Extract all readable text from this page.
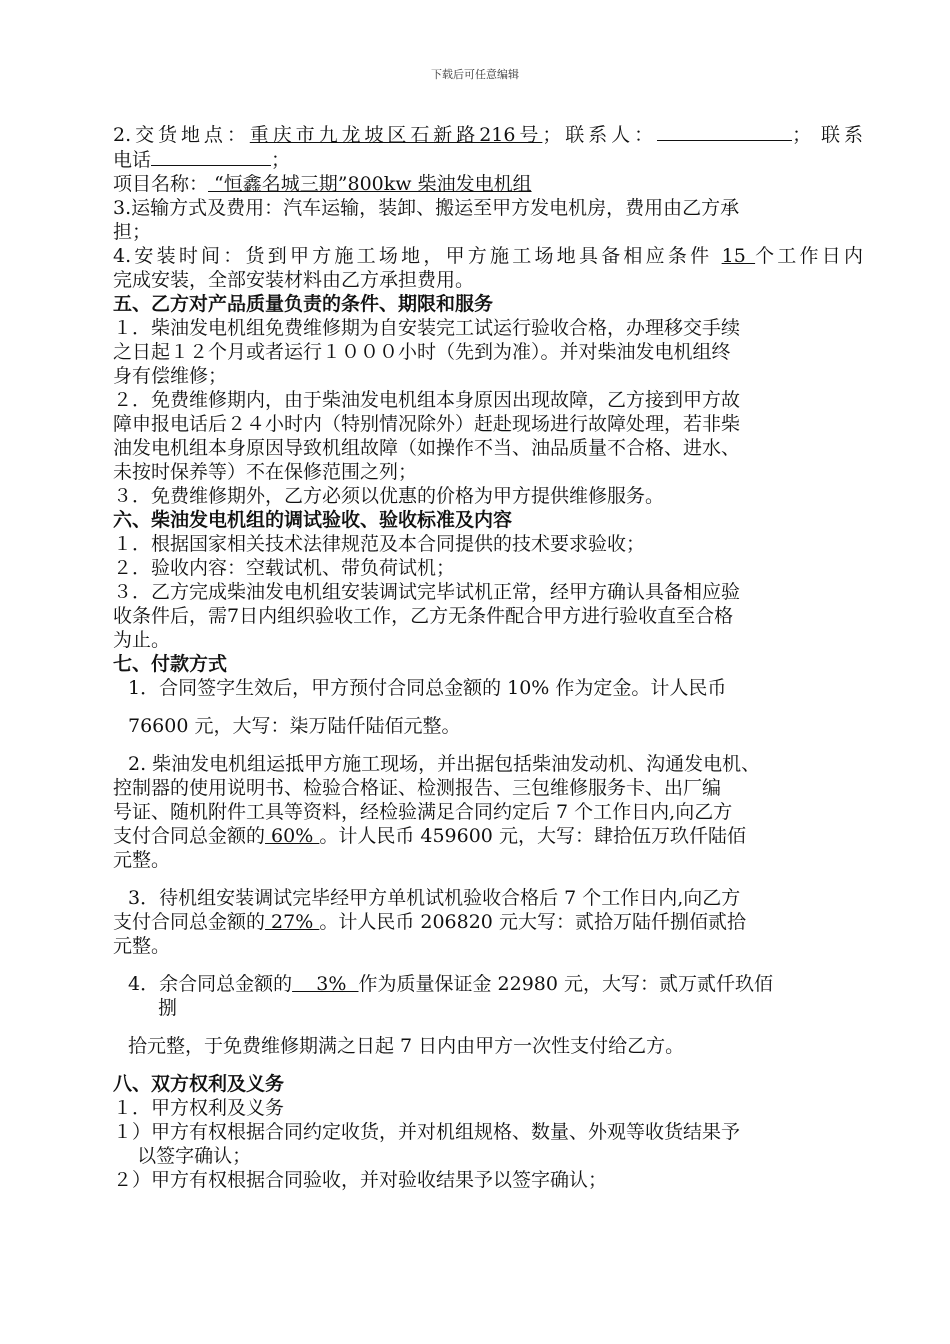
下载后可任意编辑

2.交货地点：重庆市九龙坡区石新路216号；联系人：	； 联系

电话	；

项目名称： “恒鑫名城三期”800kw 柴油发电机组

3.运输方式及费用：汽车运输，装卸、搬运至甲方发电机房，费用由乙方承

担；

4.安装时间：货到甲方施工场地，甲方施工场地具备相应条件 15 个工作日内

完成安装，全部安装材料由乙方承担费用。

五、乙方对产品质量负责的条件、期限和服务

１．柴油发电机组免费维修期为自安装完工试运行验收合格，办理移交手续

之日起１２个月或者运行１０００小时（先到为准）。并对柴油发电机组终

身有偿维修；

２．免费维修期内，由于柴油发电机组本身原因出现故障，乙方接到甲方故

障申报电话后２４小时内（特别情况除外）赶赴现场进行故障处理，若非柴

油发电机组本身原因导致机组故障（如操作不当、油品质量不合格、进水、

未按时保养等）不在保修范围之列；

３．免费维修期外，乙方必须以优惠的价格为甲方提供维修服务。

六、柴油发电机组的调试验收、验收标准及内容

１．根据国家相关技术法律规范及本合同提供的技术要求验收；

２．验收内容：空载试机、带负荷试机；

３．乙方完成柴油发电机组安装调试完毕试机正常，经甲方确认具备相应验

收条件后，需7日内组织验收工作，乙方无条件配合甲方进行验收直至合格

为止。

七、付款方式

1．合同签字生效后，甲方预付合同总金额的 10% 作为定金。计人民币

76600 元，大写：柒万陆仟陆佰元整。

2. 柴油发电机组运抵甲方施工现场，并出据包括柴油发动机、沟通发电机、

控制器的使用说明书、检验合格证、检测报告、三包维修服务卡、出厂编

号证、随机附件工具等资料，经检验满足合同约定后 7 个工作日内,向乙方

支付合同总金额的 60% 。计人民币 459600 元，大写：肆拾伍万玖仟陆佰

元整。

3．待机组安装调试完毕经甲方单机试机验收合格后 7 个工作日内,向乙方

支付合同总金额的 27% 。计人民币 206820 元大写：贰拾万陆仟捌佰贰拾

元整。

4．余合同总金额的    3%  作为质量保证金 22980 元，大写：贰万贰仟玖佰

捌

拾元整，于免费维修期满之日起 7 日内由甲方一次性支付给乙方。

八、双方权利及义务

１．甲方权利及义务

１）甲方有权根据合同约定收货，并对机组规格、数量、外观等收货结果予

以签字确认；

２）甲方有权根据合同验收，并对验收结果予以签字确认；
